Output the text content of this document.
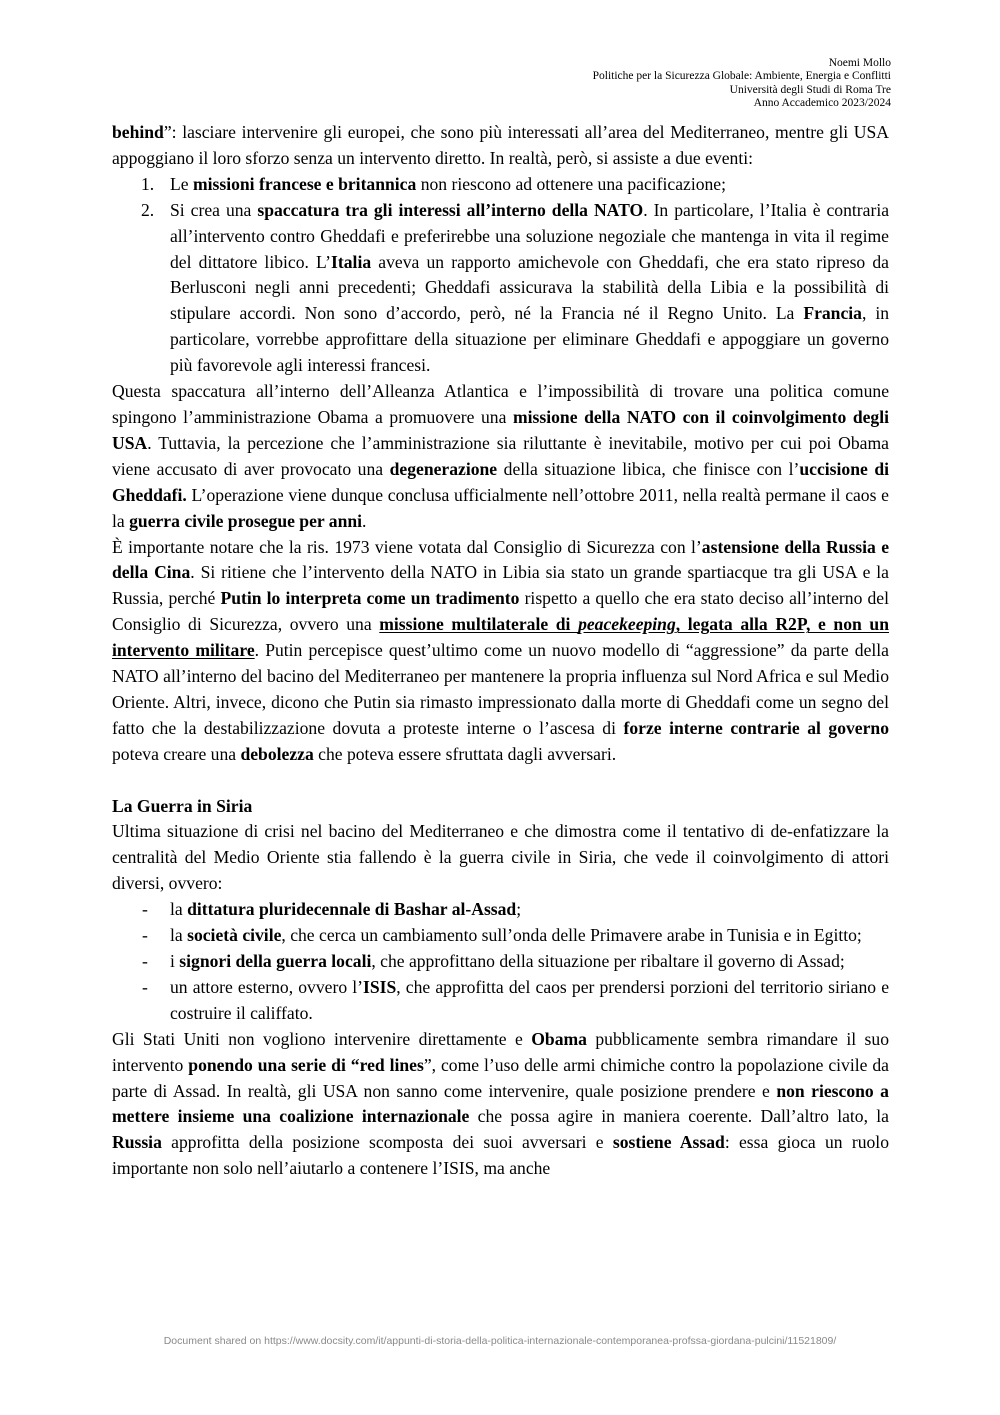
Noemi Mollo
Politiche per la Sicurezza Globale: Ambiente, Energia e Conflitti
Università degli Studi di Roma Tre
Anno Accademico 2023/2024

behind”: lasciare intervenire gli europei, che sono più interessati all’area del Mediterraneo, mentre gli USA appoggiano il loro sforzo senza un intervento diretto. In realtà, però, si assiste a due eventi:

1. Le missioni francese e britannica non riescono ad ottenere una pacificazione;
2. Si crea una spaccatura tra gli interessi all’interno della NATO. In particolare, l’Italia è contraria all’intervento contro Gheddafi e preferirebbe una soluzione negoziale che mantenga in vita il regime del dittatore libico. L’Italia aveva un rapporto amichevole con Gheddafi, che era stato ripreso da Berlusconi negli anni precedenti; Gheddafi assicurava la stabilità della Libia e la possibilità di stipulare accordi. Non sono d’accordo, però, né la Francia né il Regno Unito. La Francia, in particolare, vorrebbe approfittare della situazione per eliminare Gheddafi e appoggiare un governo più favorevole agli interessi francesi.

Questa spaccatura all’interno dell’Alleanza Atlantica e l’impossibilità di trovare una politica comune spingono l’amministrazione Obama a promuovere una missione della NATO con il coinvolgimento degli USA. Tuttavia, la percezione che l’amministrazione sia riluttante è inevitabile, motivo per cui poi Obama viene accusato di aver provocato una degenerazione della situazione libica, che finisce con l’uccisione di Gheddafi. L’operazione viene dunque conclusa ufficialmente nell’ottobre 2011, nella realtà permane il caos e la guerra civile prosegue per anni.

È importante notare che la ris. 1973 viene votata dal Consiglio di Sicurezza con l’astensione della Russia e della Cina. Si ritiene che l’intervento della NATO in Libia sia stato un grande spartiacque tra gli USA e la Russia, perché Putin lo interpreta come un tradimento rispetto a quello che era stato deciso all’interno del Consiglio di Sicurezza, ovvero una missione multilaterale di peacekeeping, legata alla R2P, e non un intervento militare. Putin percepisce quest’ultimo come un nuovo modello di “aggressione” da parte della NATO all’interno del bacino del Mediterraneo per mantenere la propria influenza sul Nord Africa e sul Medio Oriente. Altri, invece, dicono che Putin sia rimasto impressionato dalla morte di Gheddafi come un segno del fatto che la destabilizzazione dovuta a proteste interne o l’ascesa di forze interne contrarie al governo poteva creare una debolezza che poteva essere sfruttata dagli avversari.

La Guerra in Siria

Ultima situazione di crisi nel bacino del Mediterraneo e che dimostra come il tentativo di de-enfatizzare la centralità del Medio Oriente stia fallendo è la guerra civile in Siria, che vede il coinvolgimento di attori diversi, ovvero:

- la dittatura pluridecennale di Bashar al-Assad;
- la società civile, che cerca un cambiamento sull’onda delle Primavere arabe in Tunisia e in Egitto;
- i signori della guerra locali, che approfittano della situazione per ribaltare il governo di Assad;
- un attore esterno, ovvero l’ISIS, che approfitta del caos per prendersi porzioni del territorio siriano e costruire il califfato.

Gli Stati Uniti non vogliono intervenire direttamente e Obama pubblicamente sembra rimandare il suo intervento ponendo una serie di “red lines”, come l’uso delle armi chimiche contro la popolazione civile da parte di Assad. In realtà, gli USA non sanno come intervenire, quale posizione prendere e non riescono a mettere insieme una coalizione internazionale che possa agire in maniera coerente. Dall’altro lato, la Russia approfitta della posizione scomposta dei suoi avversari e sostiene Assad: essa gioca un ruolo importante non solo nell’aiutarlo a contenere l’ISIS, ma anche

Document shared on https://www.docsity.com/it/appunti-di-storia-della-politica-internazionale-contemporanea-profssa-giordana-pulcini/11521809/
